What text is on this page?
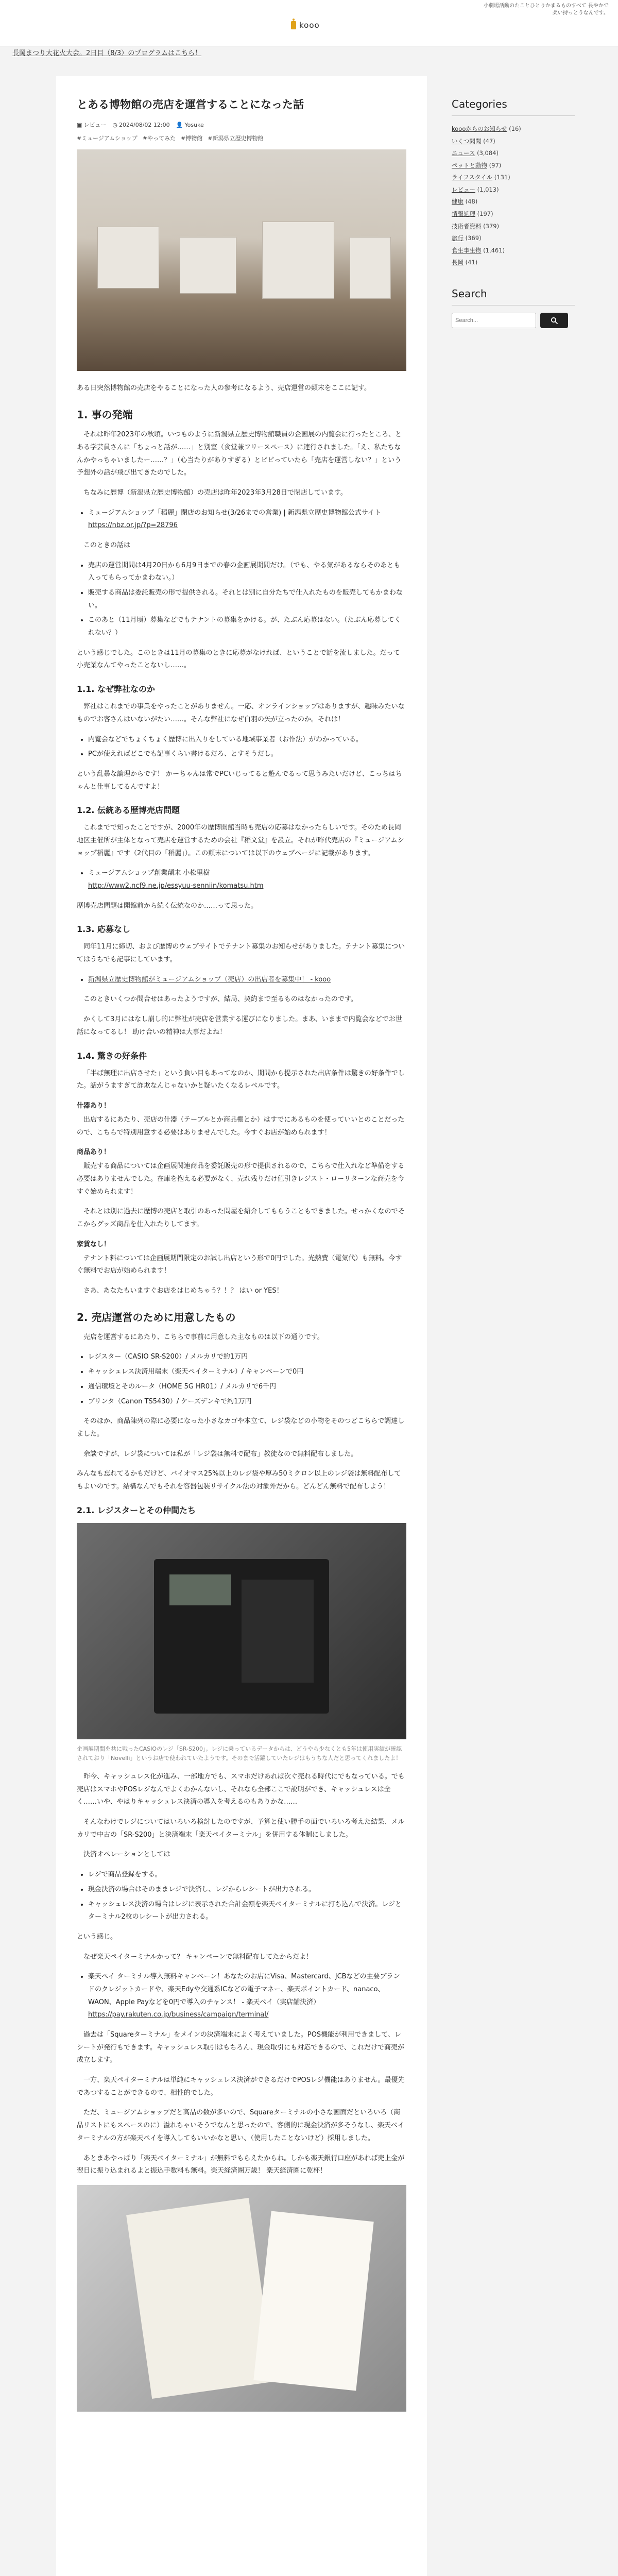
kooo
小劇場活動のたことひとりかまるものすべて 長やかで柔い持っとうなんです。
長岡まつり大花火大会。2日目（8/3）のプログラムはこちら！
とある博物館の売店を運営することになった話
▣ レビュー ◷ 2024/08/02 12:00 👤 Yosuke
#ミュージアムショップ #やってみた #博物館 #新潟県立歴史博物館

ある日突然博物館の売店をやることになった人の参考になるよう、売店運営の顛末をここに記す。

1. 事の発端

それは昨年2023年の秋頃。いつものように新潟県立歴史博物館職員の企画展の内覧会に行ったところ、とある学芸員さんに「ちょっと話が……」と別室（食堂兼フリースペース）に連行されました。「え、私たちなんかやっちゃいましたー……？」（心当たりがありすぎる）とビビっていたら「売店を運営しない？」という予想外の話が飛び出てきたのでした。

ちなみに歴博（新潟県立歴史博物館）の売店は昨年2023年3月28日で閉店しています。

• ミュージアムショップ「稻麗」閉店のお知らせ(3/26までの営業) | 新潟県立歴史博物館公式サイト
https://nbz.or.jp/?p=28796

このときの話は

• 売店の運営期間は4月20日から6月9日までの春の企画展期間だけ。（でも、やる気があるならそのあとも入ってもらってかまわない。）
• 販売する商品は委託販売の形で提供される。それとは別に自分たちで仕入れたものを販売してもかまわない。
• このあと（11月頃）募集などでもテナントの募集をかける。が、たぶん応募はない。（たぶん応募してくれない？）

という感じでした。このときは11月の募集のときに応募がなければ、ということで話を流しました。だって小売業なんてやったことないし……。

1.1. なぜ弊社なのか

弊社はこれまでの事業をやったことがありません。一応、オンラインショップはありますが、趣味みたいなものでお客さんはいないがたい……。そんな弊社になぜ白羽の矢が立ったのか。それは！

• 内覧会などでちょくちょく歴博に出入りをしている地域事業者（お作法）がわかっている。
• PCが使えればどこでも記事くらい書けるだろ、とすそうだし。

という乱暴な論理からです！ かーちゃんは常でPCいじってると遊んでるって思うみたいだけど、こっちはちゃんと仕事してるんですよ！

1.2. 伝統ある歴博売店問題

これまでで知ったことですが、2000年の歴博開館当時も売店の応募はなかったらしいです。そのため長岡地区主催所が主体となって売店を運営するための会社『稻文堂』を設立。それが昨代売店の『ミュージアムショップ稻麗』です（2代目の「稻麗」）。この顛末については以下のウェブページに記載があります。

• ミュージアムショップ創業顛末 小松里樹
http://www2.ncf9.ne.jp/essyuu-senniin/komatsu.htm

歴博売店問題は開館前から続く伝統なのか……って思った。

1.3. 応募なし

同年11月に締切、および歴博のウェブサイトでテナント募集のお知らせがありました。テナント募集についてはうちでも記事にしています。

• 新潟県立歴史博物館がミュージアムショップ（売店）の出店者を募集中！ - kooo

このときいくつか問合せはあったようですが、結局、契約まで至るものはなかったのです。

かくして3月にはなし崩し的に弊社が売店を営業する運びになりました。まあ、いままで内覧会などでお世話になってるし！ 助け合いの精神は大事だよね！

1.4. 驚きの好条件

「半ば無理に出店させた」という負い目もあってなのか、期間から提示された出店条件は驚きの好条件でした。話がうますぎて詐欺なんじゃないかと疑いたくなるレベルです。

什器あり！

出店するにあたり、売店の什器（テーブルとか商品棚とか）はすでにあるものを使っていいとのことだったので、こちらで特別用意する必要はありませんでした。今すぐお店が始められます！

商品あり！

販売する商品については企画展関連商品を委託販売の形で提供されるので、こちらで仕入れなど準備をする必要はありませんでした。在庫を抱える必要がなく、売れ残りだけ値引きレジスト・ローリターンな商売を今すぐ始められます！

それとは別に過去に歴博の売店と取引のあった問屋を紹介してもらうこともできました。せっかくなのでそこからグッズ商品を仕入れたりしてます。

家賃なし！

テナント料については企画展期間限定のお試し出店という形で0円でした。光熱費（電気代）も無料。今すぐ無料でお店が始められます！

さあ、あなたもいますぐお店をはじめちゃう？！？ はい or YES！

2. 売店運営のために用意したもの

売店を運営するにあたり、こちらで事前に用意した主なものは以下の通りです。

• レジスター（CASIO SR-S200）/ メルカリで約1万円
• キャッシュレス決済用端末（楽天ペイターミナル）/ キャンペーンで0円
• 通信環境とそのルータ（HOME 5G HR01）/ メルカリで6千円
• プリンタ（Canon TS5430）/ ケーズデンキで約1万円

そのほか、商品陳列の際に必要になった小さなカゴや本立て、レジ袋などの小物をそのつどこちらで調達しました。

余談ですが、レジ袋については私が「レジ袋は無料で配布」教徒なので無料配布しました。

みんなも忘れてるかもだけど、バイオマス25%以上のレジ袋や厚み50ミクロン以上のレジ袋は無料配布してもよいのです。結構なんでもそれを容器包装リサイクル法の対象外だから。どんどん無料で配布しよう！

2.1. レジスターとその仲間たち

企画展期間を共に戦ったCASIOのレジ「SR-S200」。レジに乗っているデータからは、どうやら少なくとも5年は使用実績が確認されており「Novelli」というお店で使われていたようです。そのまで活躍していたレジはもうちな人だと思ってくれましたよ！

昨今、キャッシュレス化が進み、一部地方でも、スマホだけあれば次ぐ売れる時代にでもなっている。でも売店はスマホやPOSレジなんでよくわかんないし、それなら全部ここで説明ができ、キャッシュレスは全く……いや、やはりキャッシュレス決済の導入を考えるのもありかな……

そんなわけでレジについてはいろいろ検討したのですが、予算と使い勝手の面でいろいろ考えた結果、メルカリで中古の「SR-S200」と決済端末「楽天ペイターミナル」を併用する体制にしました。

決済オペレーションとしては

• レジで商品登録をする。
• 現金決済の場合はそのままレジで決済し、レジからレシートが出力される。
• キャッシュレス決済の場合はレジに表示された合計金額を楽天ペイターミナルに打ち込んで決済。レジとターミナル2枚のレシートが出力される。

という感じ。

なぜ楽天ペイターミナルかって？ キャンペーンで無料配布してたからだよ！

• 楽天ペイ ターミナル導入無料キャンペーン！あなたのお店にVisa、Mastercard、JCBなどの主要ブランドのクレジットカードや、楽天Edyや交通系ICなどの電子マネー、楽天ポイントカード、nanaco、WAON、Apple Payなどを0円で導入のチャンス！ - 楽天ペイ（実店舗決済）
https://pay.rakuten.co.jp/business/campaign/terminal/

過去は「Squareターミナル」をメインの決済端末によく考えていました。POS機能が利用できまして、レシートが発行もできます。キャッシュレス取引はもちろん、現金取引にも対応できるので、これだけで商売が成立します。

一方、楽天ペイターミナルは単純にキャッシュレス決済ができるだけでPOSレジ機能はありません。最優先であつすることができるので、相性的でした。

ただ、ミュージアムショップだと高品の数が多いので、Squareターミナルの小さな画面だといろいろ（商品リストにもスぺースのに）溢れちゃいそうでなんと思ったので、客側的に現金決済が多そうなし、楽天ペイターミナルの方が楽天ペイを導入してもいいかなと思い、（使用したことないけど）採用しました。

あとまあやっぱり「楽天ペイターミナル」が無料でもらえたからね。しかも楽天銀行口座があれば売上金が翌日に振り込まれるよと振込手数料も無料。楽天経済圏万歳！ 楽天経済圏に乾杯！

Categories
koooからのお知らせ (16)
いくつ聞聞 (47)
ニュース (3,084)
ペットと動物 (97)
ライフスタイル (131)
レビュー (1,013)
健康 (48)
情報処理 (197)
技術者資料 (379)
旅行 (369)
食生事生物 (1,461)
長岡 (41)
Search
Search...
